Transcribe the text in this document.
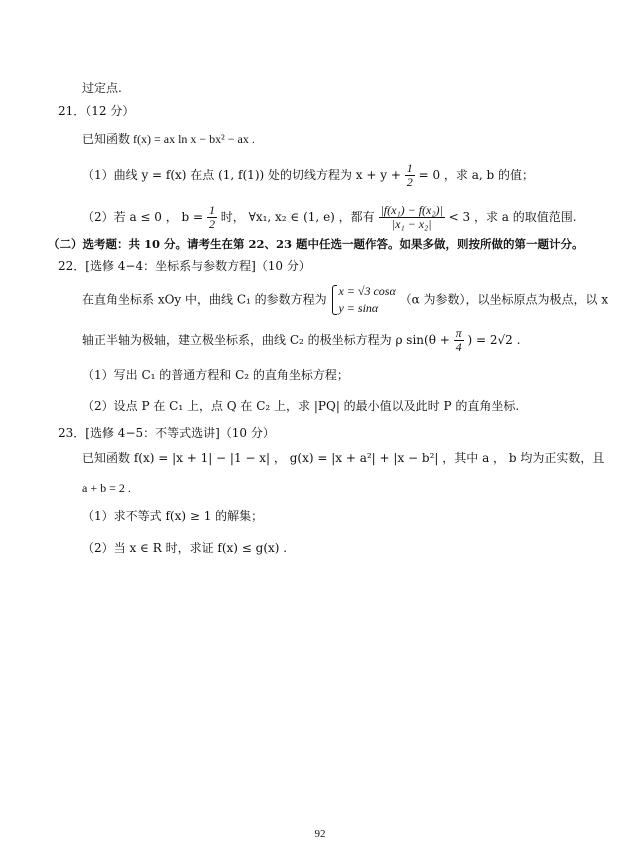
过定点.
21．（12 分）
已知函数 f(x) = ax ln x − bx² − ax .
（1）曲线 y = f(x) 在点 (1, f(1)) 处的切线方程为 $x + y + \frac{1}{2} = 0$ ，求 a, b 的值；
（2）若 a ≤ 0 ， $b = \frac{1}{2}$ 时， ∀x₁, x₂ ∈ (1, e) ，都有 $\frac{\text{|f(x₁) − f(x₂)|}}{\text{|x₁ − x₂|}} < 3$ ，求 a 的取值范围.
（二）选考题：共 10 分。请考生在第 22、23 题中任选一题作答。如果多做，则按所做的第一题计分。
22．[选修 4−4：坐标系与参数方程]（10 分）
在直角坐标系 xOy 中，曲线 C₁ 的参数方程为
x = √3 cosα
y = sinα
（α 为参数），以坐标原点为极点，以 x
轴正半轴为极轴，建立极坐标系，曲线 C₂ 的极坐标方程为 ρ $\sin(\theta + \frac{\pi}{4}$ ) = 2√2 .
（1）写出 C₁ 的普通方程和 C₂ 的直角坐标方程；
（2）设点 P 在 C₁ 上，点 Q 在 C₂ 上，求 |PQ| 的最小值以及此时 P 的直角坐标.
23．[选修 4−5：不等式选讲]（10 分）
已知函数 f(x) = |x + 1| − |1 − x| ， g(x) = |x + a²| + |x − b²| ，其中 a ， b 均为正实数，且
a + b = 2 .
（1）求不等式 f(x) ≥ 1 的解集；
（2）当 x ∈ R 时，求证 f(x) ≤ g(x) .
92
